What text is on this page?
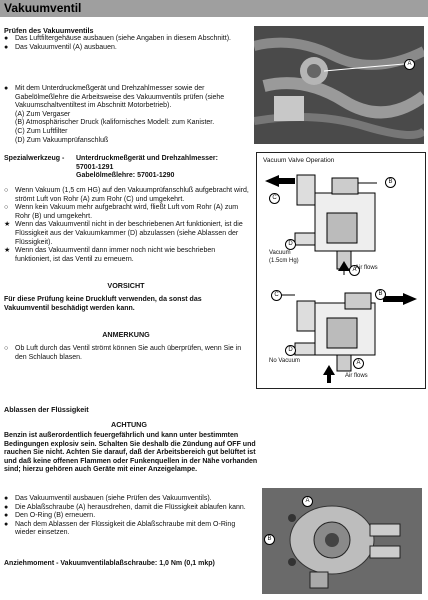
Vakuumventil
Prüfen des Vakuumventils
● Das Luftfiltergehäuse ausbauen (siehe Angaben in diesem Abschnitt).
● Das Vakuumventil (A) ausbauen.
● Mit dem Unterdruckmeßgerät und Drehzahlmesser sowie der Gabelölmeßlehre die Arbeitsweise des Vakuumventils prüfen (siehe Vakuumschaltventiltest im Abschnitt Motorbetrieb).
(A) Zum Vergaser
(B) Atmosphärischer Druck (kalifornisches Modell: zum Kanister.
(C) Zum Luftfilter
(D) Zum Vakuumprüfanschluß
A
Spezialwerkzeug -	Unterdruckmeßgerät und Drehzahlmesser:
57001-1291
Gabelölmeßlehre: 57001-1290
○ Wenn Vakuum (1,5 cm HG) auf den Vakuumprüfanschluß aufgebracht wird, strömt Luft von Rohr (A) zum Rohr (C) und umgekehrt.
○ Wenn kein Vakuum mehr aufgebracht wird, fließt Luft vom Rohr (A) zum Rohr (B) und umgekehrt.
★ Wenn das Vakuumventil nicht in der beschriebenen Art funktioniert, ist die Flüssigkeit aus der Vakuumkammer (D) abzulassen (siehe Ablassen der Flüssigkeit).
★ Wenn das Vakuumventil dann immer noch nicht wie beschrieben funktioniert, ist das Ventil zu erneuern.
VORSICHT
Für diese Prüfung keine Druckluft verwenden, da sonst das Vakuumventil beschädigt werden kann.
ANMERKUNG
○ Ob Luft durch das Ventil strömt können Sie auch überprüfen, wenn Sie in den Schlauch blasen.
Vacuum Valve Operation
B
C
D
A
Vacuum
(1.5cm Hg)
Air flows
C	B
D
A
No Vacuum
Air flows
Ablassen der Flüssigkeit
ACHTUNG
Benzin ist außerordentlich feuergefährlich und kann unter bestimmten Bedingungen explosiv sein. Schalten Sie deshalb die Zündung auf OFF und rauchen Sie nicht. Achten Sie darauf, daß der Arbeitsbereich gut belüftet ist und daß keine offenen Flammen oder Funkenquellen in der Nähe vorhanden sind; hierzu gehören auch Geräte mit einer Anzeigelampe.
● Das Vakuumventil ausbauen (siehe Prüfen des Vakuumventils).
● Die Ablaßschraube (A) herausdrehen, damit die Flüssigkeit ablaufen kann.
● Den O-Ring (B) erneuern.
● Nach dem Ablassen der Flüssigkeit die Ablaßschraube mit dem O-Ring wieder einsetzen.
Anziehmoment - Vakuumventilablaßschraube: 1,0 Nm (0,1 mkp)
A
B
